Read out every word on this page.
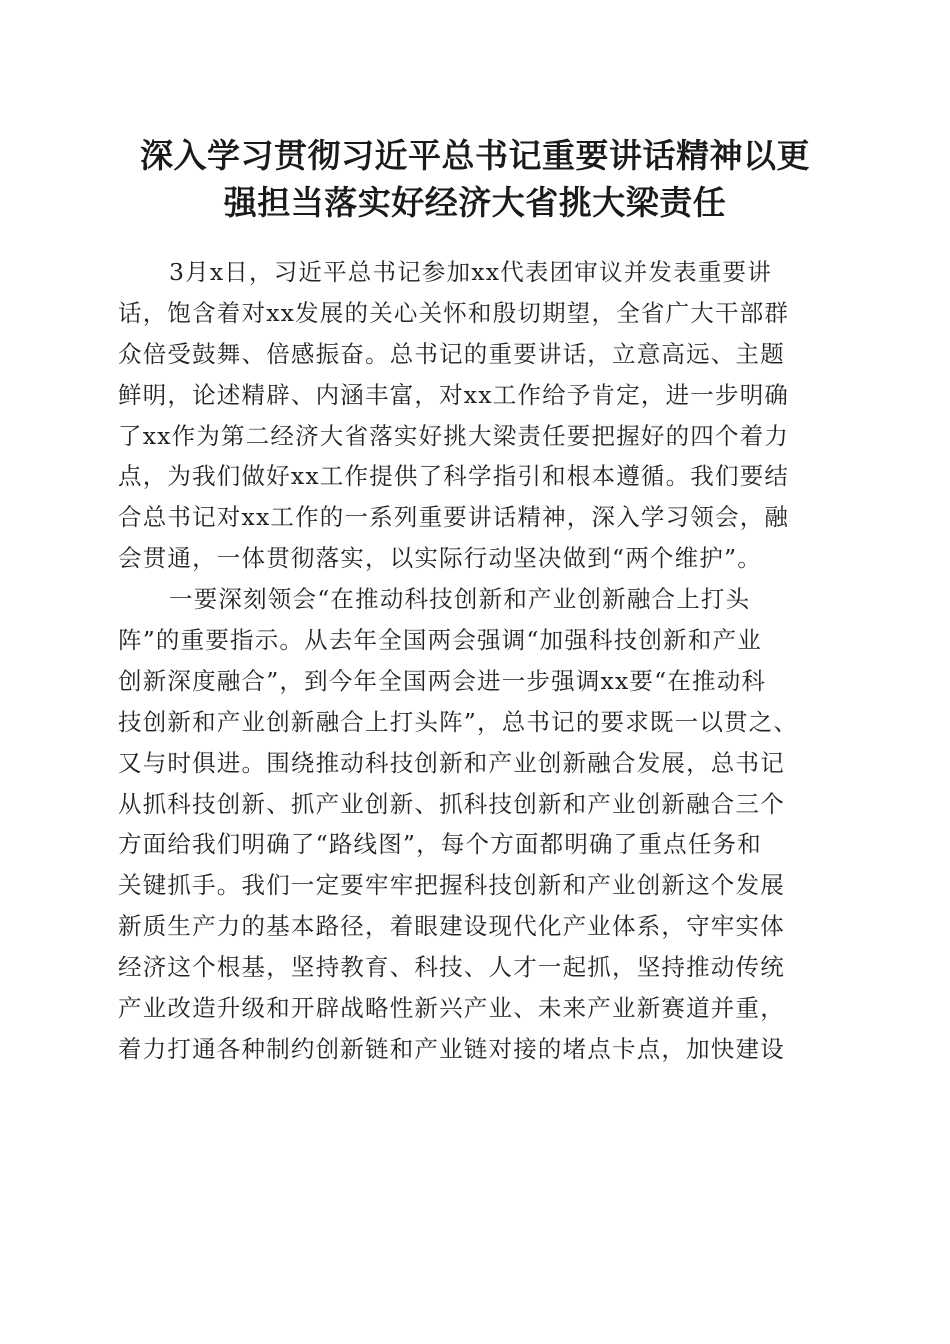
深入学习贯彻习近平总书记重要讲话精神以更
强担当落实好经济大省挑大梁责任
3月x日，习近平总书记参加xx代表团审议并发表重要讲
话，饱含着对xx发展的关心关怀和殷切期望，全省广大干部群
众倍受鼓舞、倍感振奋。总书记的重要讲话，立意高远、主题
鲜明，论述精辟、内涵丰富，对xx工作给予肯定，进一步明确
了xx作为第二经济大省落实好挑大梁责任要把握好的四个着力
点，为我们做好xx工作提供了科学指引和根本遵循。我们要结
合总书记对xx工作的一系列重要讲话精神，深入学习领会，融
会贯通，一体贯彻落实，以实际行动坚决做到“两个维护”。
一要深刻领会“在推动科技创新和产业创新融合上打头
阵”的重要指示。从去年全国两会强调“加强科技创新和产业
创新深度融合”，到今年全国两会进一步强调xx要“在推动科
技创新和产业创新融合上打头阵”，总书记的要求既一以贯之、
又与时俱进。围绕推动科技创新和产业创新融合发展，总书记
从抓科技创新、抓产业创新、抓科技创新和产业创新融合三个
方面给我们明确了“路线图”，每个方面都明确了重点任务和
关键抓手。我们一定要牢牢把握科技创新和产业创新这个发展
新质生产力的基本路径，着眼建设现代化产业体系，守牢实体
经济这个根基，坚持教育、科技、人才一起抓，坚持推动传统
产业改造升级和开辟战略性新兴产业、未来产业新赛道并重，
着力打通各种制约创新链和产业链对接的堵点卡点，加快建设
